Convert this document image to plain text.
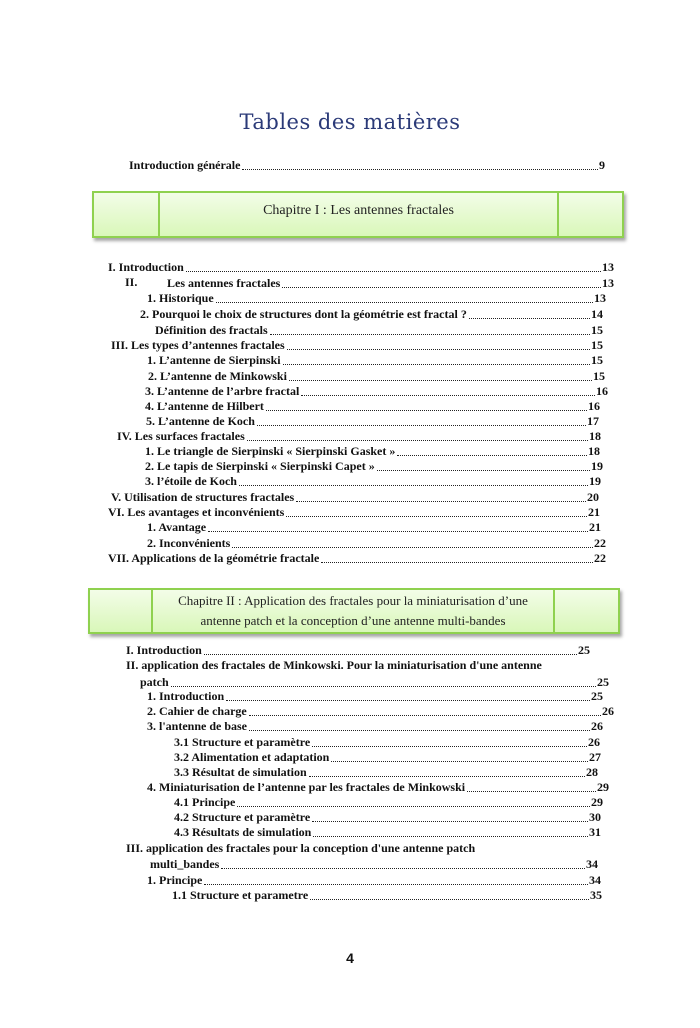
Tables des matières
Introduction générale	9
Chapitre I : Les antennes fractales
I. Introduction	13
II. Les antennes fractales	13
1. Historique	13
2. Pourquoi le choix de structures dont la géométrie est fractal ?	14
Définition des fractals	15
III. Les types d’antennes fractales	15
1. L’antenne de Sierpinski	15
2. L’antenne de Minkowski	15
3. L’antenne de l’arbre fractal	16
4. L’antenne de Hilbert	16
5. L’antenne de Koch	17
IV. Les surfaces fractales	18
1. Le triangle de Sierpinski « Sierpinski Gasket »	18
2. Le tapis de Sierpinski « Sierpinski Capet »	19
3. l’étoile de Koch	19
V. Utilisation de structures fractales	20
VI. Les avantages et inconvénients	21
1. Avantage	21
2. Inconvénients	22
VII. Applications de la géométrie fractale	22
Chapitre II : Application des fractales pour la miniaturisation d’une
antenne patch et la conception d’une antenne multi-bandes
I. Introduction	25
II. application des fractales de Minkowski. Pour la miniaturisation d'une antenne
patch	25
1. Introduction	25
2. Cahier de charge	26
3. l'antenne de base	26
3.1 Structure et paramètre	26
3.2 Alimentation et adaptation	27
3.3 Résultat de simulation	28
4. Miniaturisation de l’antenne par les fractales de Minkowski	29
4.1 Principe	29
4.2 Structure et paramètre	30
4.3 Résultats de simulation	31
III. application des fractales pour la conception d'une antenne patch
multi_bandes	34
1. Principe	34
1.1 Structure et parametre	35
4
